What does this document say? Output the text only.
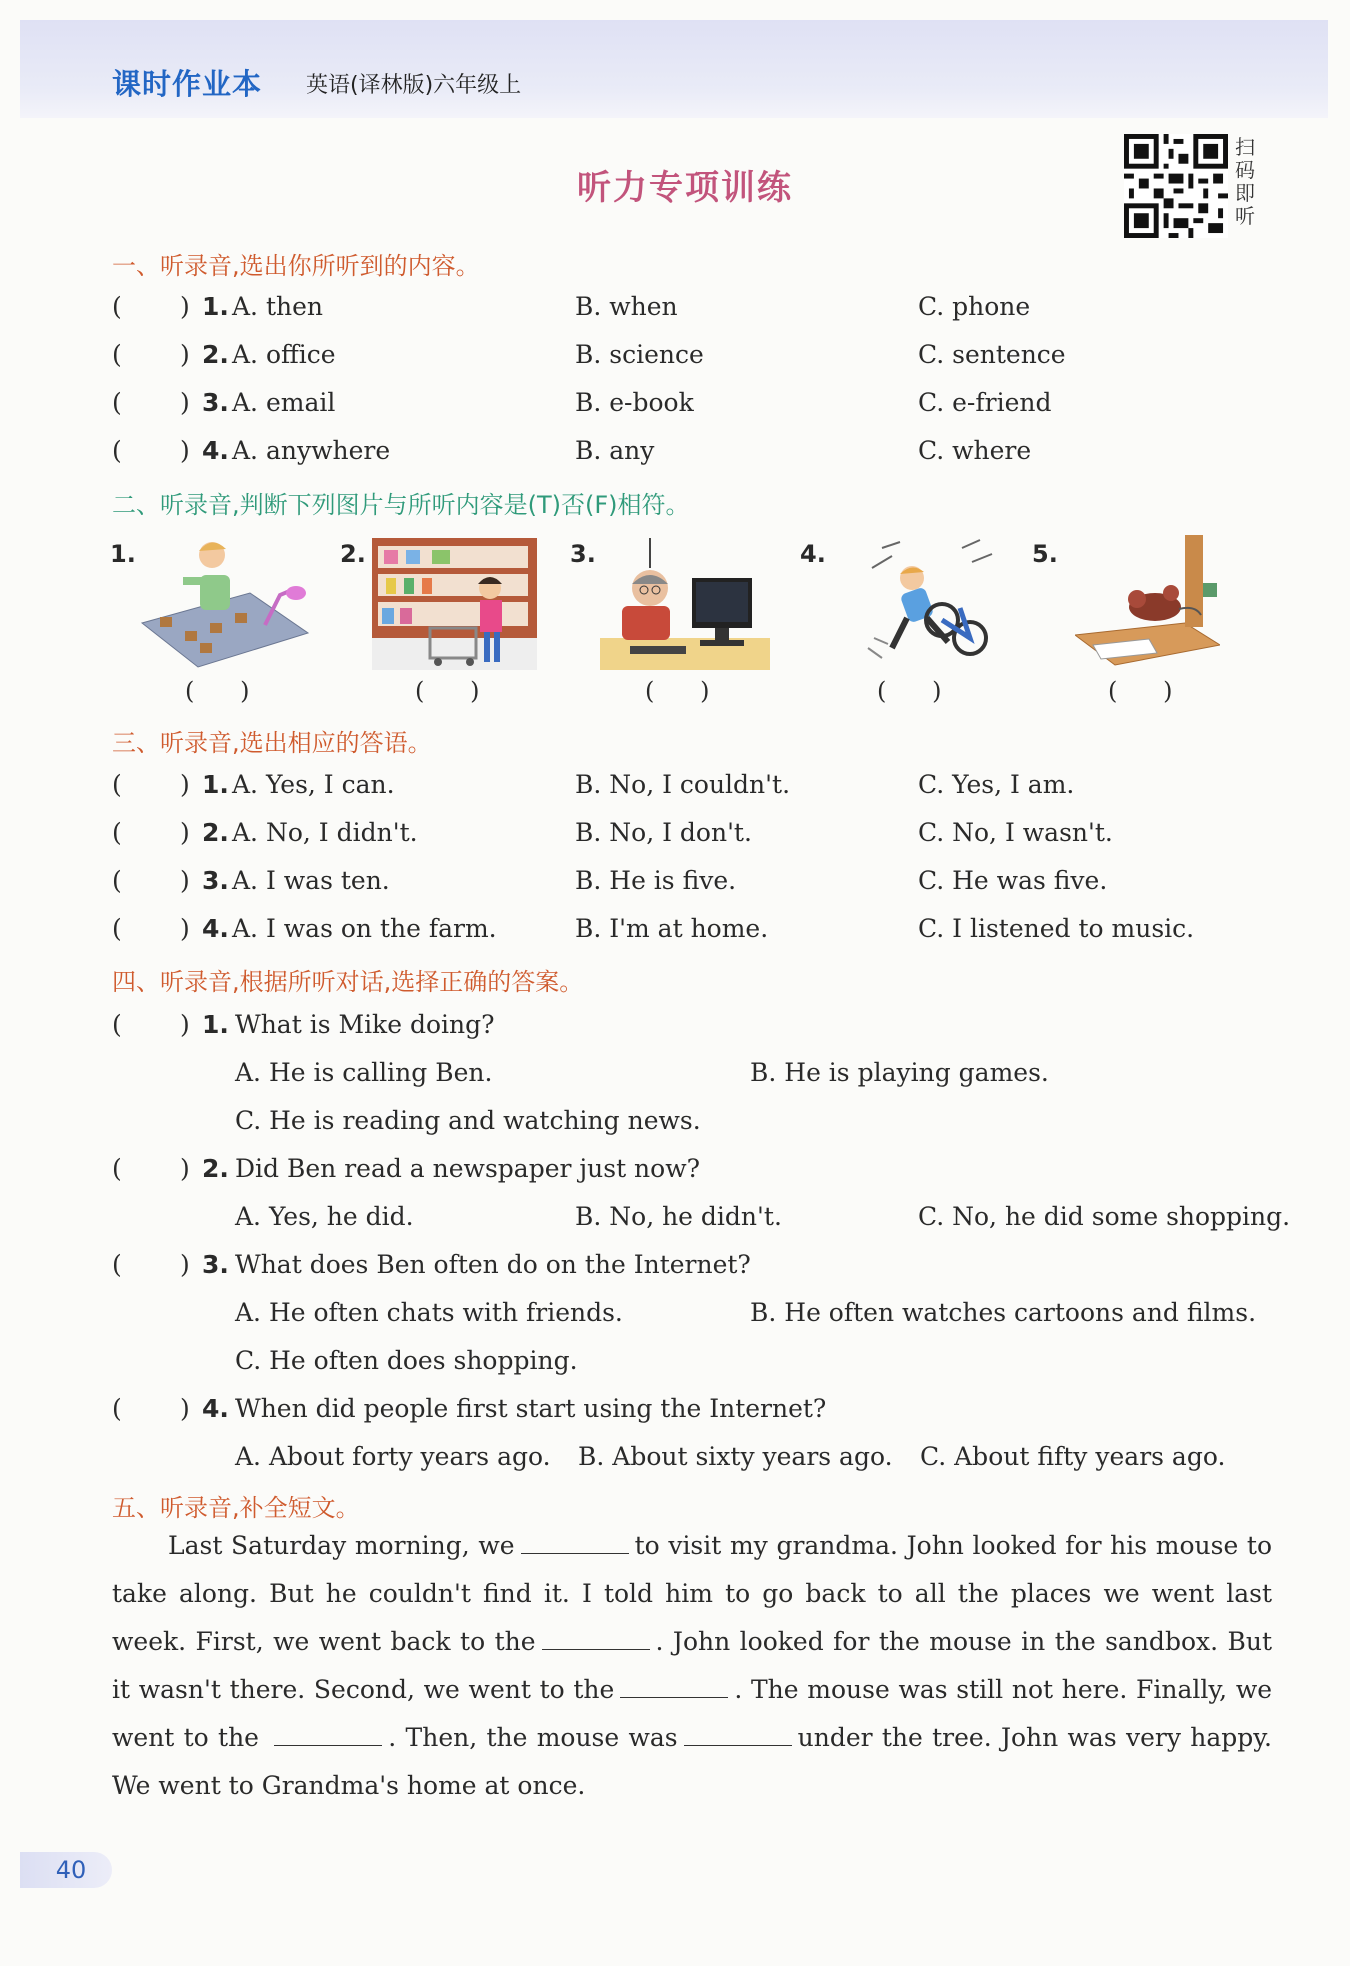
课时作业本 英语(译林版)六年级上
听力专项训练
扫
码
即
听
一、听录音,选出你所听到的内容。
( ) 1. A. then	B. when	C. phone
( ) 2. A. office	B. science	C. sentence
( ) 3. A. email	B. e-book	C. e-friend
( ) 4. A. anywhere	B. any	C. where
二、听录音,判断下列图片与所听内容是(T)否(F)相符。
1.	2.	3.	4.	5.
(      )	(      )	(      )	(      )	(      )
三、听录音,选出相应的答语。
( ) 1. A. Yes, I can.	B. No, I couldn't.	C. Yes, I am.
( ) 2. A. No, I didn't.	B. No, I don't.	C. No, I wasn't.
( ) 3. A. I was ten.	B. He is five.	C. He was five.
( ) 4. A. I was on the farm.	B. I'm at home.	C. I listened to music.
四、听录音,根据所听对话,选择正确的答案。
( ) 1. What is Mike doing?
A. He is calling Ben.	B. He is playing games.
C. He is reading and watching news.
( ) 2. Did Ben read a newspaper just now?
A. Yes, he did.	B. No, he didn't.	C. No, he did some shopping.
( ) 3. What does Ben often do on the Internet?
A. He often chats with friends.	B. He often watches cartoons and films.
C. He often does shopping.
( ) 4. When did people first start using the Internet?
A. About forty years ago. B. About sixty years ago. C. About fifty years ago.
五、听录音,补全短文。
Last Saturday morning, we	to visit my grandma. John looked for his mouse to take along. But he couldn't find it. I told him to go back to all the places we went last week. First, we went back to the	. John looked for the mouse in the sandbox. But it wasn't there. Second, we went to the	. The mouse was still not here. Finally, we went to the	. Then, the mouse was	under the tree. John was very happy. We went to Grandma's home at once.
40
